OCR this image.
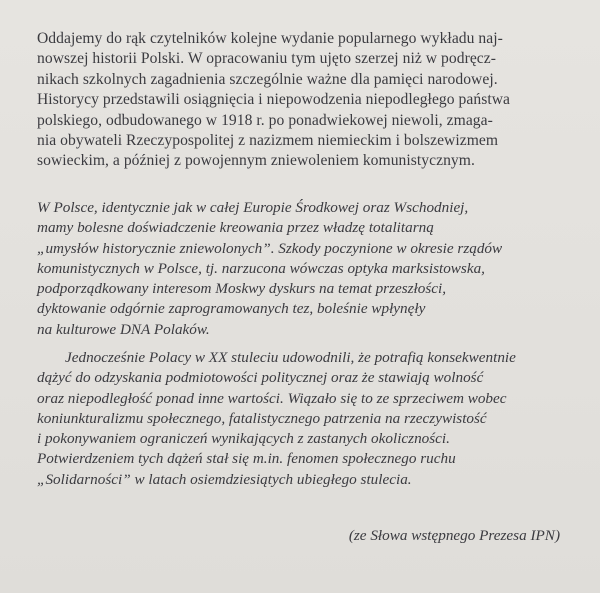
Oddajemy do rąk czytelników kolejne wydanie popularnego wykładu naj-
nowszej historii Polski. W opracowaniu tym ujęto szerzej niż w podręcz-
nikach szkolnych zagadnienia szczególnie ważne dla pamięci narodowej.
Historycy przedstawili osiągnięcia i niepowodzenia niepodległego państwa
polskiego, odbudowanego w 1918 r. po ponadwiekowej niewoli, zmaga-
nia obywateli Rzeczypospolitej z nazizmem niemieckim i bolszewizmem
sowieckim, a później z powojennym zniewoleniem komunistycznym.

W Polsce, identycznie jak w całej Europie Środkowej oraz Wschodniej,
mamy bolesne doświadczenie kreowania przez władzę totalitarną
„umysłów historycznie zniewolonych”. Szkody poczynione w okresie rządów
komunistycznych w Polsce, tj. narzucona wówczas optyka marksistowska,
podporządkowany interesom Moskwy dyskurs na temat przeszłości,
dyktowanie odgórnie zaprogramowanych tez, boleśnie wpłynęły
na kulturowe DNA Polaków.

Jednocześnie Polacy w XX stuleciu udowodnili, że potrafią konsekwentnie
dążyć do odzyskania podmiotowości politycznej oraz że stawiają wolność
oraz niepodległość ponad inne wartości. Wiązało się to ze sprzeciwem wobec
koniunkturalizmu społecznego, fatalistycznego patrzenia na rzeczywistość
i pokonywaniem ograniczeń wynikających z zastanych okoliczności.
Potwierdzeniem tych dążeń stał się m.in. fenomen społecznego ruchu
„Solidarności” w latach osiemdziesiątych ubiegłego stulecia.

(ze Słowa wstępnego Prezesa IPN)
